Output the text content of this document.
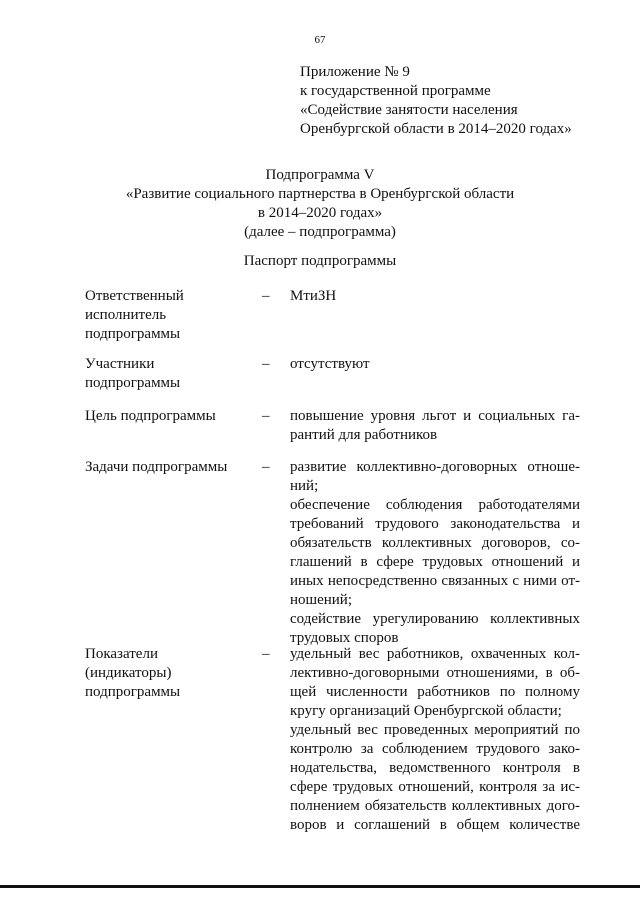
67
Приложение № 9
к государственной программе
«Содействие занятости населения
Оренбургской области в 2014–2020 годах»
Подпрограмма V
«Развитие социального партнерства в Оренбургской области
в 2014–2020 годах»
(далее – подпрограмма)
Паспорт подпрограммы
Ответственный
исполнитель
подпрограммы
– МтиЗН
Участники
подпрограммы
– отсутствуют
Цель подпрограммы	– повышение уровня льгот и социальных га-
рантий для работников
Задачи подпрограммы	– развитие коллективно-договорных отноше-
ний;
обеспечение соблюдения работодателями
требований трудового законодательства и
обязательств коллективных договоров, со-
глашений в сфере трудовых отношений и
иных непосредственно связанных с ними от-
ношений;
содействие урегулированию коллективных
трудовых споров
Показатели
(индикаторы)
подпрограммы
– удельный вес работников, охваченных кол-
лективно-договорными отношениями, в об-
щей численности работников по полному
кругу организаций Оренбургской области;
удельный вес проведенных мероприятий по
контролю за соблюдением трудового зако-
нодательства, ведомственного контроля в
сфере трудовых отношений, контроля за ис-
полнением обязательств коллективных дого-
воров и соглашений в общем количестве
